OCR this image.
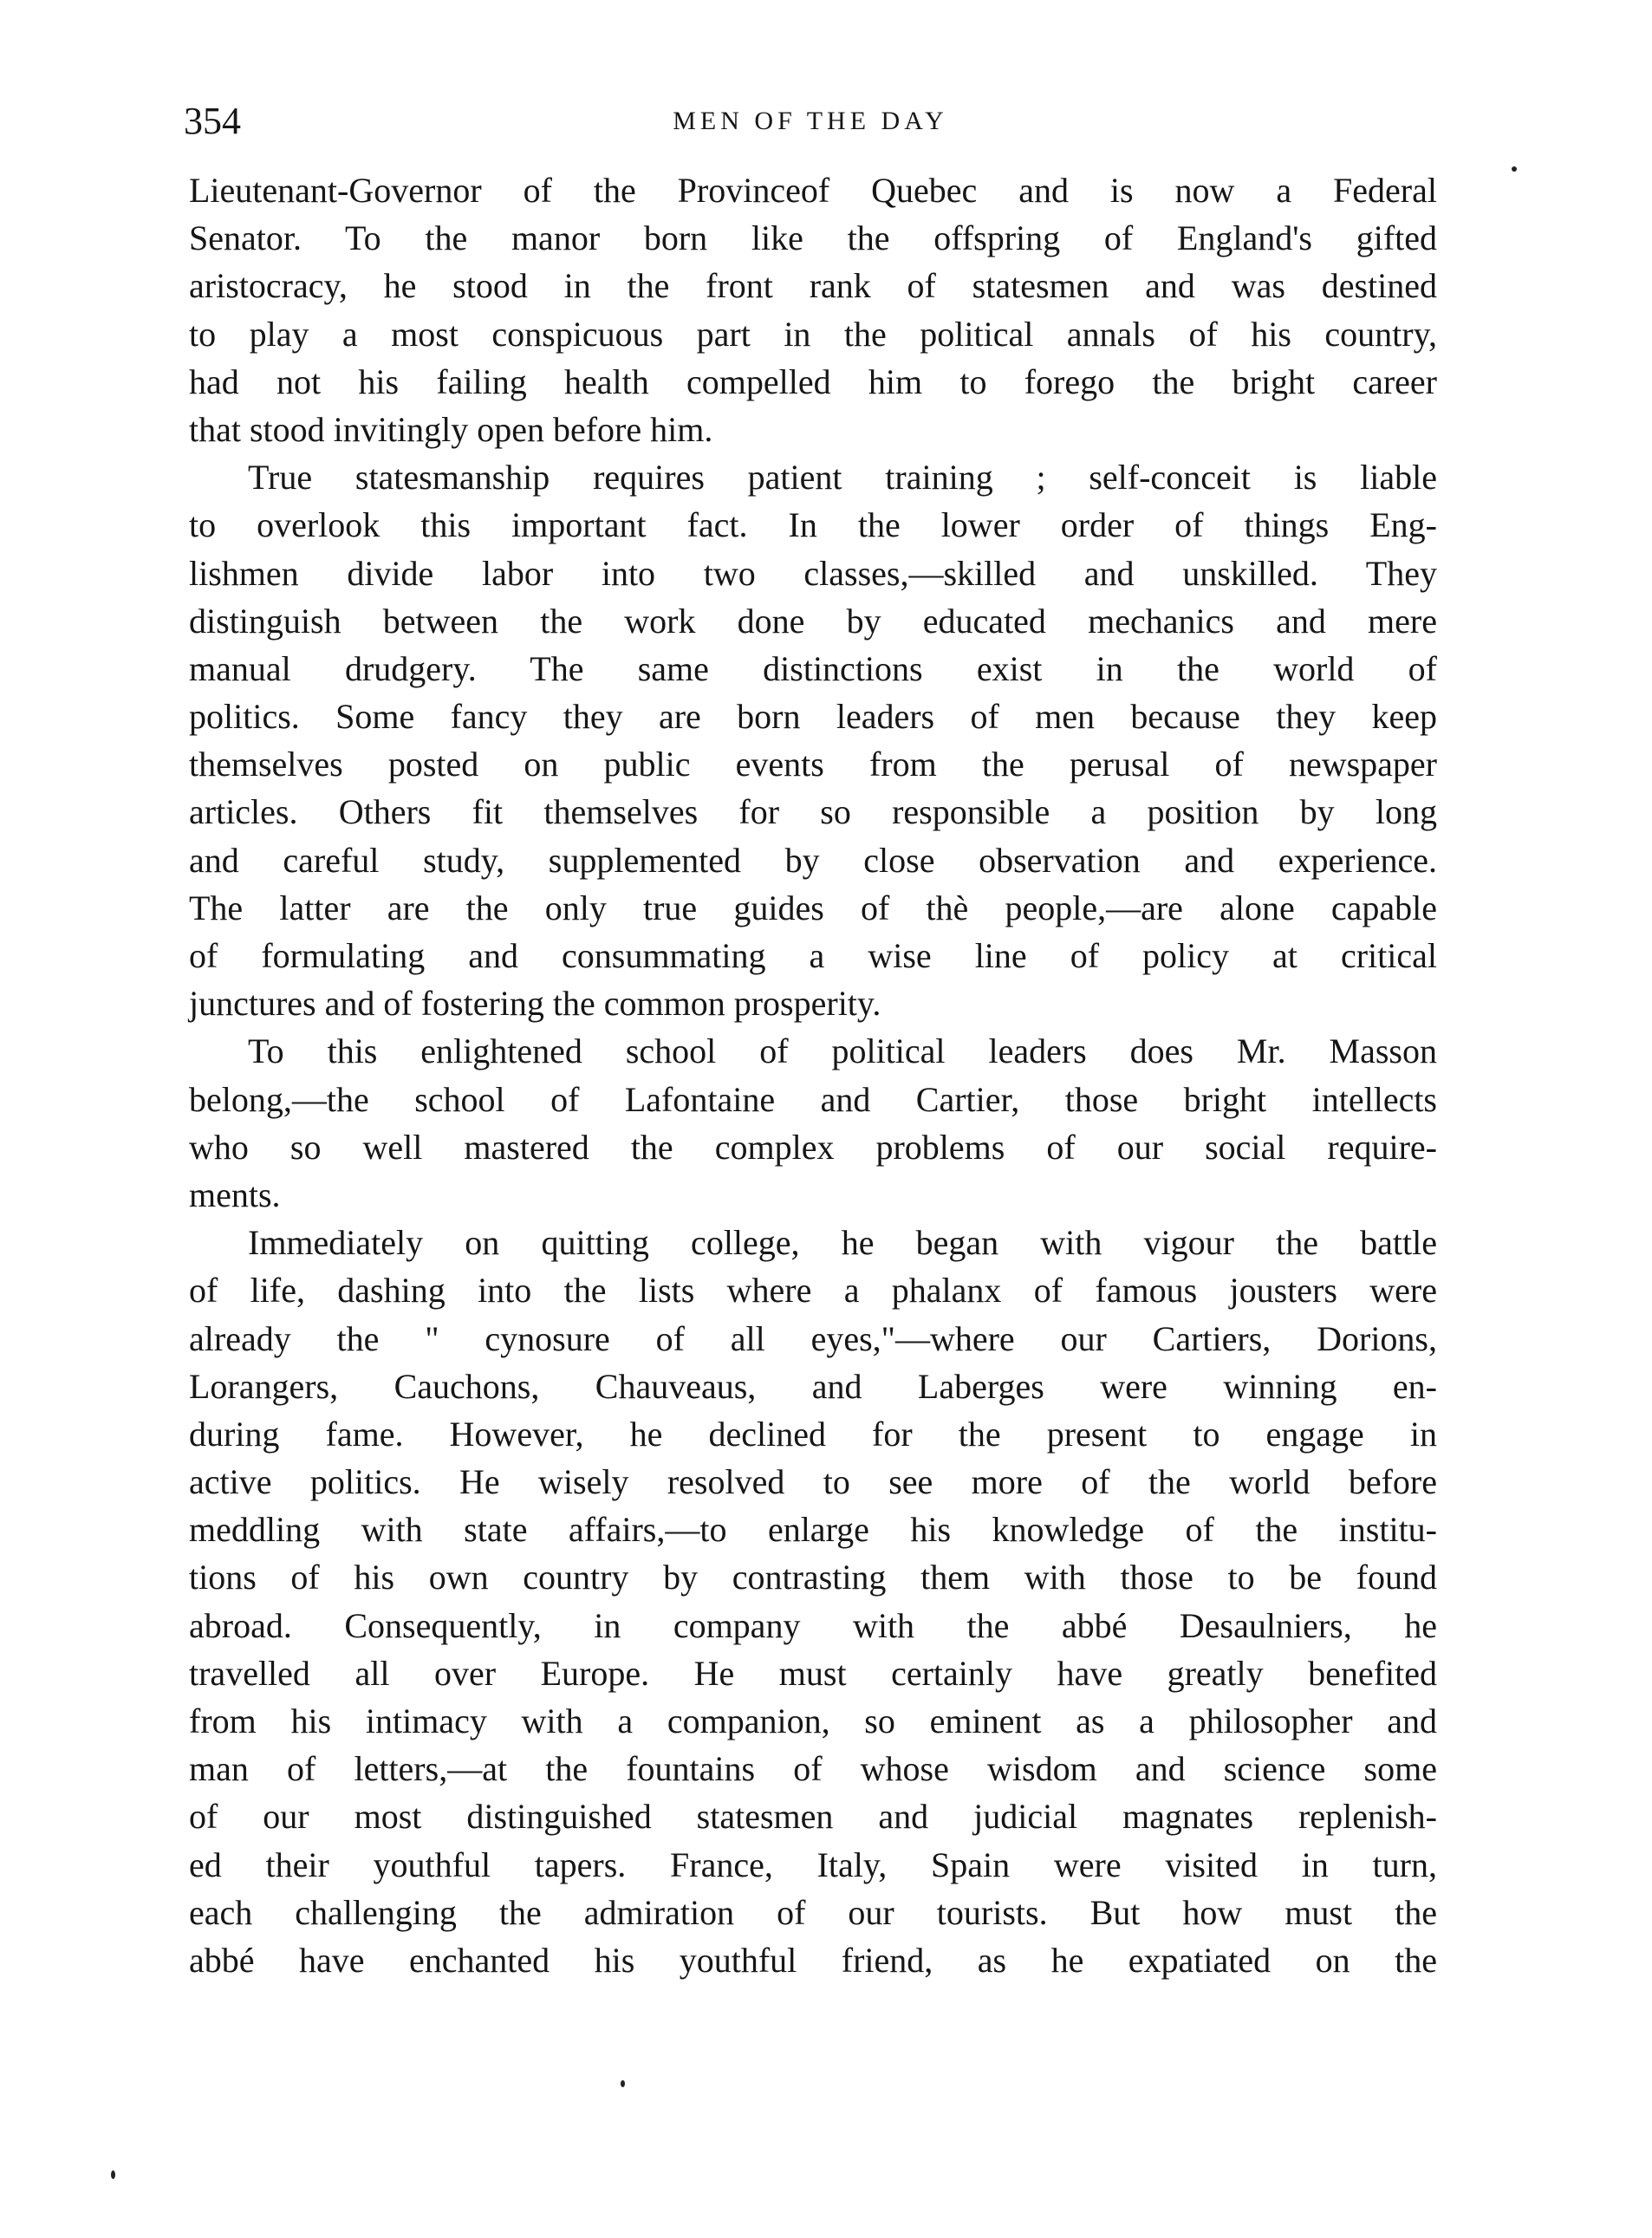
354	MEN OF THE DAY
Lieutenant-Governor of the Provinceof Quebec and is now a Federal
Senator. To the manor born like the offspring of England's gifted
aristocracy, he stood in the front rank of statesmen and was destined
to play a most conspicuous part in the political annals of his country,
had not his failing health compelled him to forego the bright career
that stood invitingly open before him.
True statesmanship requires patient training ; self-conceit is liable
to overlook this important fact. In the lower order of things Eng-
lishmen divide labor into two classes,—skilled and unskilled. They
distinguish between the work done by educated mechanics and mere
manual drudgery. The same distinctions exist in the world of
politics. Some fancy they are born leaders of men because they keep
themselves posted on public events from the perusal of newspaper
articles. Others fit themselves for so responsible a position by long
and careful study, supplemented by close observation and experience.
The latter are the only true guides of thè people,—are alone capable
of formulating and consummating a wise line of policy at critical
junctures and of fostering the common prosperity.
To this enlightened school of political leaders does Mr. Masson
belong,—the school of Lafontaine and Cartier, those bright intellects
who so well mastered the complex problems of our social require-
ments.
Immediately on quitting college, he began with vigour the battle
of life, dashing into the lists where a phalanx of famous jousters were
already the " cynosure of all eyes,"—where our Cartiers, Dorions,
Lorangers, Cauchons, Chauveaus, and Laberges were winning en-
during fame. However, he declined for the present to engage in
active politics. He wisely resolved to see more of the world before
meddling with state affairs,—to enlarge his knowledge of the institu-
tions of his own country by contrasting them with those to be found
abroad. Consequently, in company with the abbé Desaulniers, he
travelled all over Europe. He must certainly have greatly benefited
from his intimacy with a companion, so eminent as a philosopher and
man of letters,—at the fountains of whose wisdom and science some
of our most distinguished statesmen and judicial magnates replenish-
ed their youthful tapers. France, Italy, Spain were visited in turn,
each challenging the admiration of our tourists. But how must the
abbé have enchanted his youthful friend, as he expatiated on the
